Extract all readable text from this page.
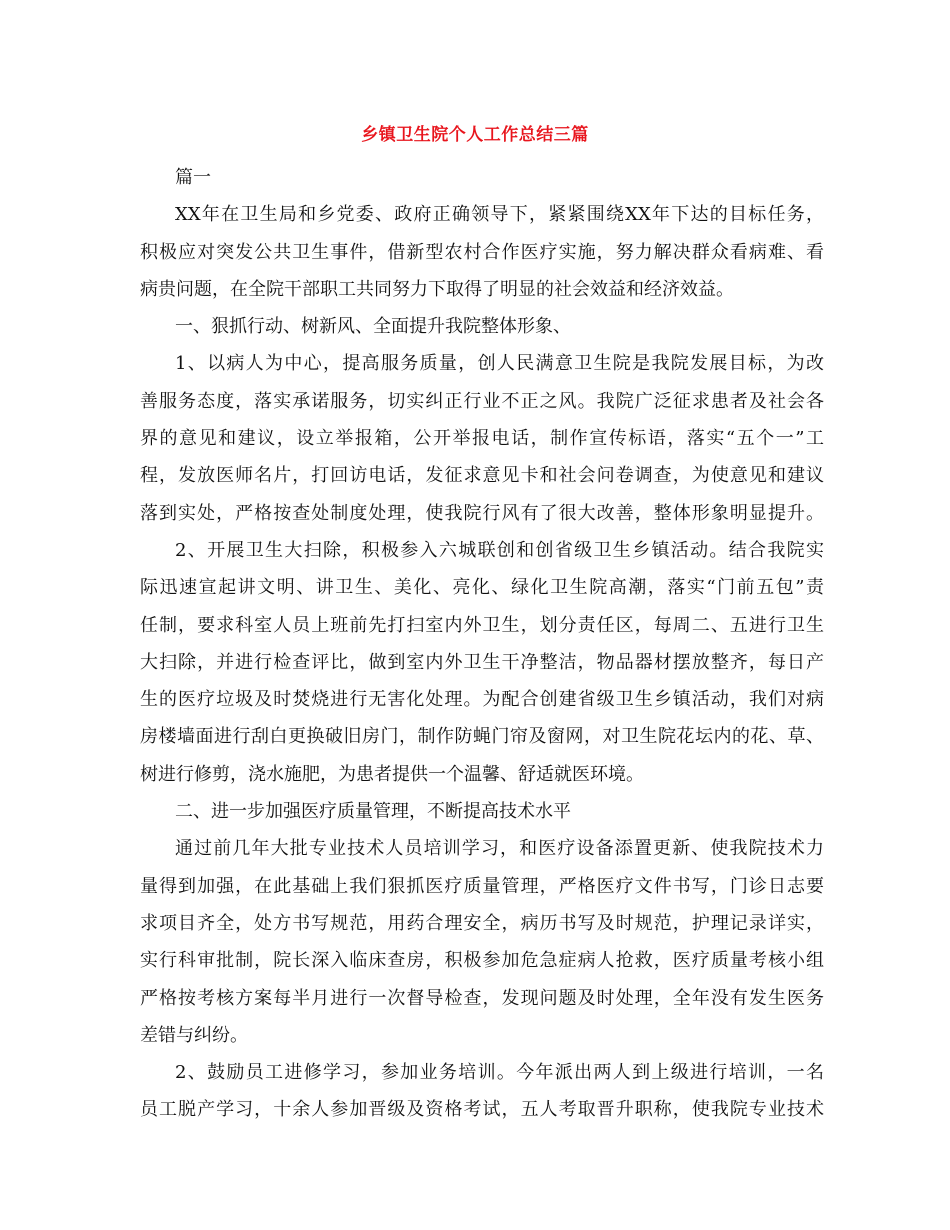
乡镇卫生院个人工作总结三篇
篇一
XX年在卫生局和乡党委、政府正确领导下，紧紧围绕XX年下达的目标任务，
积极应对突发公共卫生事件，借新型农村合作医疗实施，努力解决群众看病难、看
病贵问题，在全院干部职工共同努力下取得了明显的社会效益和经济效益。
一、狠抓行动、树新风、全面提升我院整体形象、
1、以病人为中心，提高服务质量，创人民满意卫生院是我院发展目标，为改
善服务态度，落实承诺服务，切实纠正行业不正之风。我院广泛征求患者及社会各
界的意见和建议，设立举报箱，公开举报电话，制作宣传标语，落实“五个一”工
程，发放医师名片，打回访电话，发征求意见卡和社会问卷调查，为使意见和建议
落到实处，严格按查处制度处理，使我院行风有了很大改善，整体形象明显提升。
2、开展卫生大扫除，积极参入六城联创和创省级卫生乡镇活动。结合我院实
际迅速宣起讲文明、讲卫生、美化、亮化、绿化卫生院高潮，落实“门前五包”责
任制，要求科室人员上班前先打扫室内外卫生，划分责任区，每周二、五进行卫生
大扫除，并进行检查评比，做到室内外卫生干净整洁，物品器材摆放整齐，每日产
生的医疗垃圾及时焚烧进行无害化处理。为配合创建省级卫生乡镇活动，我们对病
房楼墙面进行刮白更换破旧房门，制作防蝇门帘及窗网，对卫生院花坛内的花、草、
树进行修剪，浇水施肥，为患者提供一个温馨、舒适就医环境。
二、进一步加强医疗质量管理，不断提高技术水平
通过前几年大批专业技术人员培训学习，和医疗设备添置更新、使我院技术力
量得到加强，在此基础上我们狠抓医疗质量管理，严格医疗文件书写，门诊日志要
求项目齐全，处方书写规范，用药合理安全，病历书写及时规范，护理记录详实，
实行科审批制，院长深入临床查房，积极参加危急症病人抢救，医疗质量考核小组
严格按考核方案每半月进行一次督导检查，发现问题及时处理，全年没有发生医务
差错与纠纷。
2、鼓励员工进修学习，参加业务培训。今年派出两人到上级进行培训，一名
员工脱产学习，十余人参加晋级及资格考试，五人考取晋升职称，使我院专业技术
